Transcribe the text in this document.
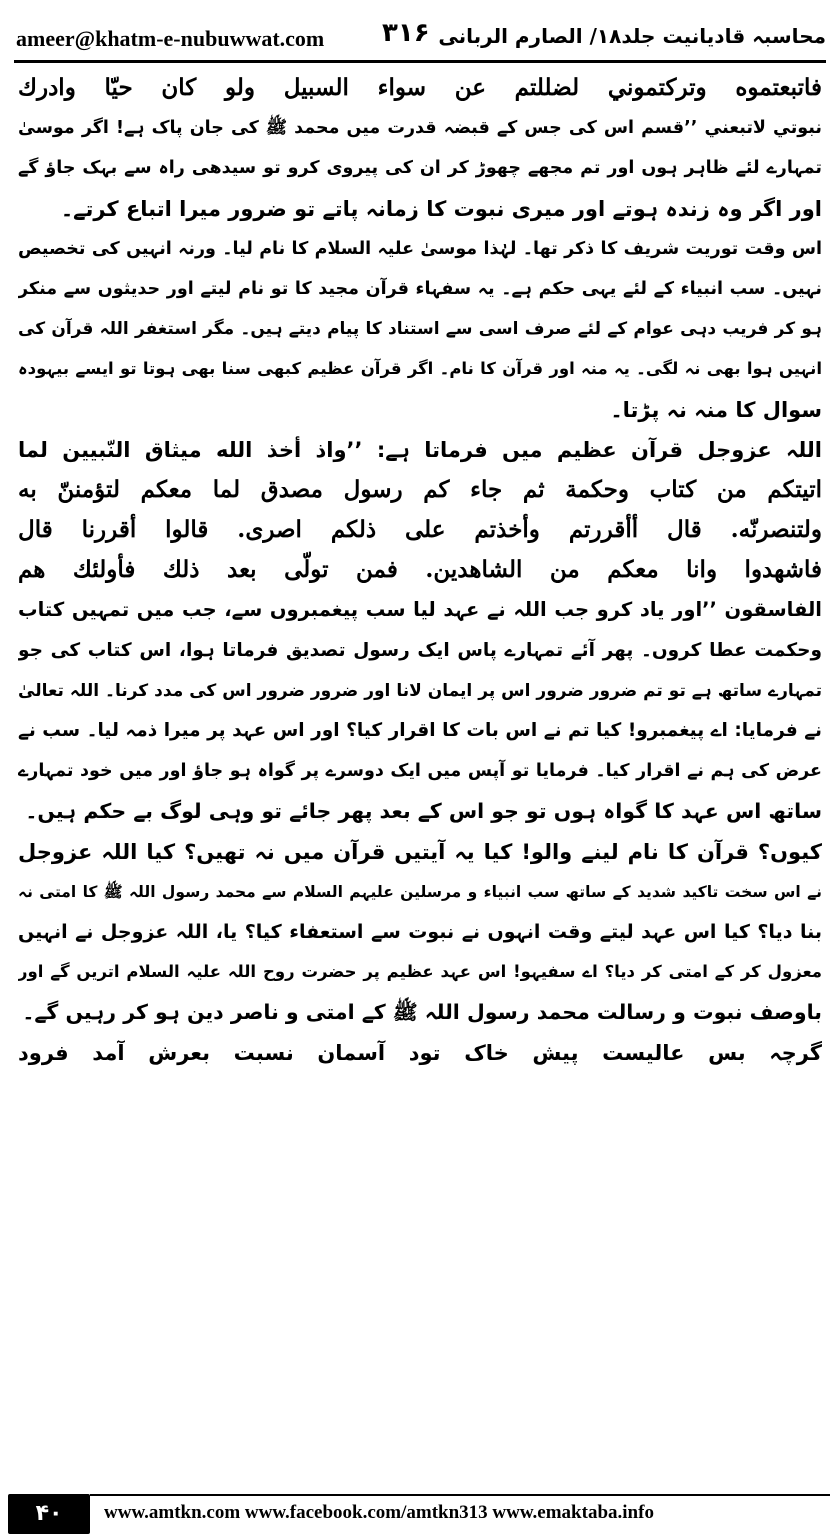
ameer@khatm-e-nubuwwat.com ۳۱۶ محاسبہ قادیانیت جلد۱۸/ الصارم الربانی
فاتبعتموه وتركتموني لضللتم عن سواء السبيل ولو كان حيّا وادرك
نبوتي لاتبعني ’’قسم اس کی جس کے قبضہ قدرت میں محمد ﷺ کی جان پاک ہے! اگر موسیٰ
تمہارے لئے ظاہر ہوں اور تم مجھے چھوڑ کر ان کی پیروی کرو تو سیدھی راہ سے بہک جاؤ گے
اور اگر وہ زندہ ہوتے اور میری نبوت کا زمانہ پاتے تو ضرور میرا اتباع کرتے۔
اس وقت توریت شریف کا ذکر تھا۔ لہٰذا موسیٰ علیہ السلام کا نام لیا۔ ورنہ انہیں کی تخصیص
نہیں۔ سب انبیاء کے لئے یہی حکم ہے۔ یہ سفہاء قرآن مجید کا تو نام لیتے اور حدیثوں سے منکر
ہو کر فریب دہی عوام کے لئے صرف اسی سے استناد کا پیام دیتے ہیں۔ مگر استغفر اللہ قرآن کی
انہیں ہوا بھی نہ لگی۔ یہ منہ اور قرآن کا نام۔ اگر قرآن عظیم کبھی سنا بھی ہوتا تو ایسے بیہودہ
سوال کا منہ نہ پڑتا۔
اللہ عزوجل قرآن عظیم میں فرماتا ہے: ’’واذ أخذ الله ميثاق النّبيين لما
اتيتكم من كتاب وحكمة ثم جاء كم رسول مصدق لما معكم لتؤمننّ به
ولتنصرنّه. قال أأقررتم وأخذتم على ذلكم اصرى. قالوا أقررنا قال
فاشهدوا وانا معكم من الشاهدين. فمن تولّى بعد ذلك فأولئك هم
الفاسقون ’’اور یاد کرو جب اللہ نے عہد لیا سب پیغمبروں سے، جب میں تمہیں کتاب
وحکمت عطا کروں۔ پھر آئے تمہارے پاس ایک رسول تصدیق فرماتا ہوا، اس کتاب کی جو
تمہارے ساتھ ہے تو تم ضرور ضرور اس پر ایمان لانا اور ضرور ضرور اس کی مدد کرنا۔ اللہ تعالیٰ
نے فرمایا: اے پیغمبرو! کیا تم نے اس بات کا اقرار کیا؟ اور اس عہد پر میرا ذمہ لیا۔ سب نے
عرض کی ہم نے اقرار کیا۔ فرمایا تو آپس میں ایک دوسرے پر گواہ ہو جاؤ اور میں خود تمہارے
ساتھ اس عہد کا گواہ ہوں تو جو اس کے بعد پھر جائے تو وہی لوگ بے حکم ہیں۔
کیوں؟ قرآن کا نام لینے والو! کیا یہ آیتیں قرآن میں نہ تھیں؟ کیا اللہ عزوجل
نے اس سخت تاکید شدید کے ساتھ سب انبیاء و مرسلین علیہم السلام سے محمد رسول اللہ ﷺ کا امتی نہ
بنا دیا؟ کیا اس عہد لیتے وقت انہوں نے نبوت سے استعفاء کیا؟ یا، اللہ عزوجل نے انہیں
معزول کر کے امتی کر دیا؟ اے سفیہو! اس عہد عظیم پر حضرت روح اللہ علیہ السلام اتریں گے اور
باوصف نبوت و رسالت محمد رسول اللہ ﷺ کے امتی و ناصر دین ہو کر رہیں گے۔
گرچہ بس عالیست پیش خاک تود آسمان نسبت بعرش آمد فرود
۴۰	www.amtkn.com www.facebook.com/amtkn313 www.emaktaba.info
